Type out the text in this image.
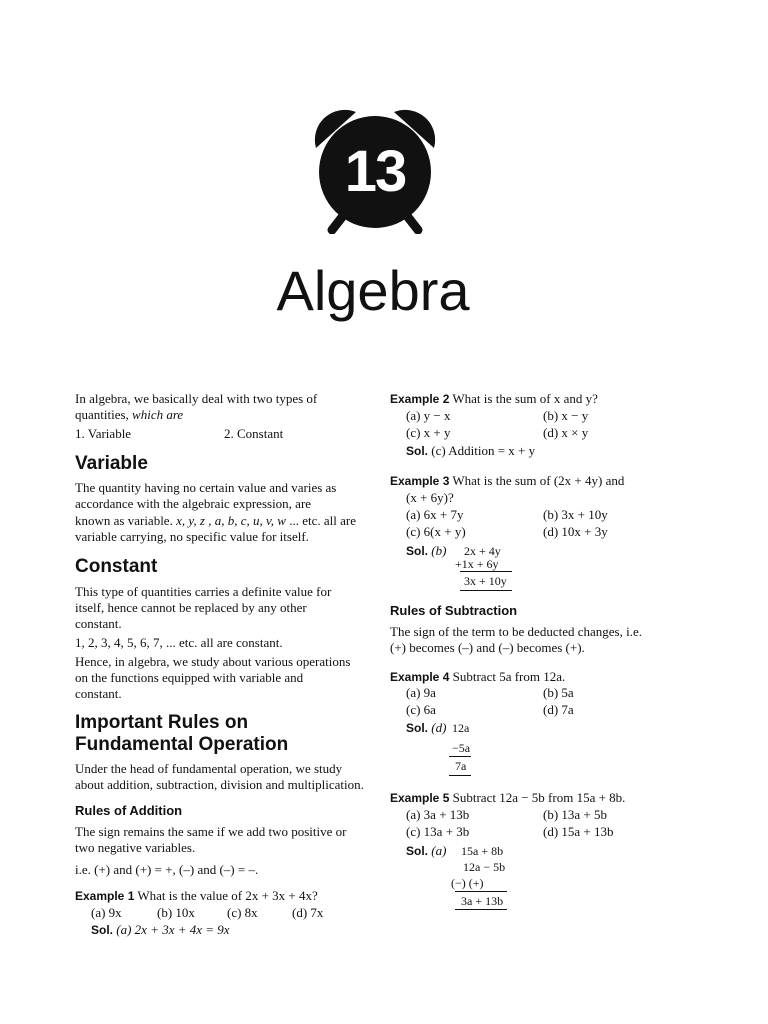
13
Algebra
In algebra, we basically deal with two types of
quantities, which are
1. Variable	2. Constant
Variable
The quantity having no certain value and varies as
accordance with the algebraic expression, are
known as variable. x, y, z , a, b, c, u, v, w ... etc. all are
variable carrying, no specific value for itself.
Constant
This type of quantities carries a definite value for
itself, hence cannot be replaced by any other
constant.
1, 2, 3, 4, 5, 6, 7, ... etc. all are constant.
Hence, in algebra, we study about various operations
on the functions equipped with variable and
constant.
Important Rules on
Fundamental Operation
Under the head of fundamental operation, we study
about addition, subtraction, division and multiplication.
Rules of Addition
The sign remains the same if we add two positive or
two negative variables.
i.e. (+) and (+) = +, (–) and (–) = –.
Example 1 What is the value of 2x + 3x + 4x?
(a) 9x	(b) 10x (c) 8x	(d) 7x
Sol. (a) 2x + 3x + 4x = 9x
Example 2 What is the sum of x and y?
(a) y − x	(b) x − y
(c) x + y	(d) x × y
Sol. (c) Addition = x + y
Example 3 What is the sum of (2x + 4y) and
(x + 6y)?
(a) 6x + 7y	(b) 3x + 10y
(c) 6(x + y)	(d) 10x + 3y
Sol. (b) 2x + 4y
+1x + 6y
3x + 10y
Rules of Subtraction
The sign of the term to be deducted changes, i.e.
(+) becomes (–) and (–) becomes (+).
Example 4 Subtract 5a from 12a.
(a) 9a	(b) 5a
(c) 6a	(d) 7a
Sol. (d) 12a
−5a
7a
Example 5 Subtract 12a − 5b from 15a + 8b.
(a) 3a + 13b	(b) 13a + 5b
(c) 13a + 3b	(d) 15a + 13b
Sol. (a) 15a + 8b
12a − 5b
(−) (+)
3a + 13b
